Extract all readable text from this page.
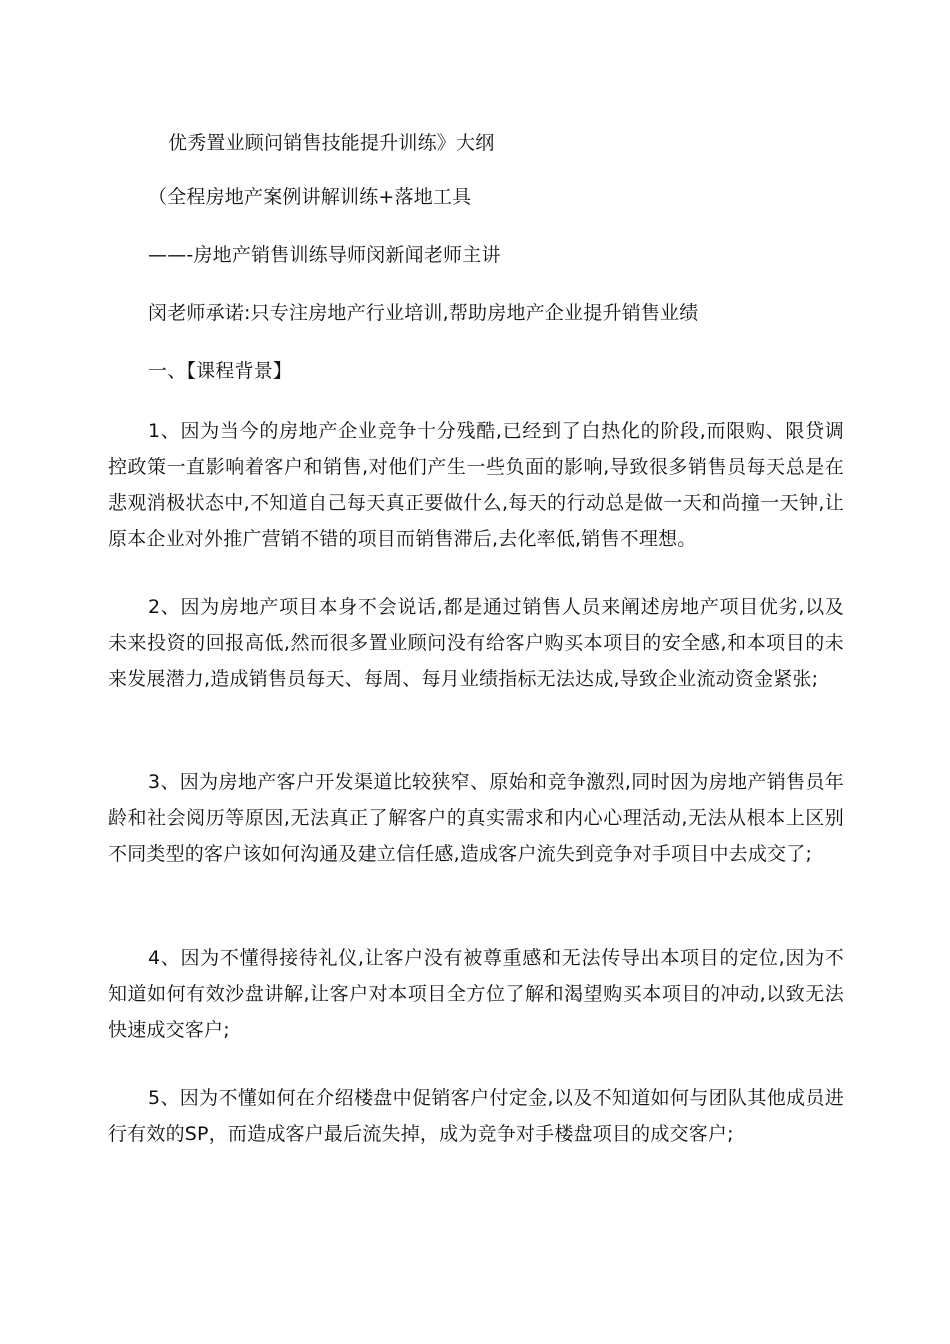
优秀置业顾问销售技能提升训练》大纲
（全程房地产案例讲解训练+落地工具
——-房地产销售训练导师闵新闻老师主讲
闵老师承诺:只专注房地产行业培训,帮助房地产企业提升销售业绩
一、【课程背景】
1、因为当今的房地产企业竞争十分残酷,已经到了白热化的阶段,而限购、限贷调控政策一直影响着客户和销售,对他们产生一些负面的影响,导致很多销售员每天总是在悲观消极状态中,不知道自己每天真正要做什么,每天的行动总是做一天和尚撞一天钟,让原本企业对外推广营销不错的项目而销售滞后,去化率低,销售不理想。
2、因为房地产项目本身不会说话,都是通过销售人员来阐述房地产项目优劣,以及未来投资的回报高低,然而很多置业顾问没有给客户购买本项目的安全感,和本项目的未来发展潜力,造成销售员每天、每周、每月业绩指标无法达成,导致企业流动资金紧张;
3、因为房地产客户开发渠道比较狭窄、原始和竞争激烈,同时因为房地产销售员年龄和社会阅历等原因,无法真正了解客户的真实需求和内心心理活动,无法从根本上区别不同类型的客户该如何沟通及建立信任感,造成客户流失到竞争对手项目中去成交了;
4、因为不懂得接待礼仪,让客户没有被尊重感和无法传导出本项目的定位,因为不知道如何有效沙盘讲解,让客户对本项目全方位了解和渴望购买本项目的冲动,以致无法快速成交客户;
5、因为不懂如何在介绍楼盘中促销客户付定金,以及不知道如何与团队其他成员进行有效的SP，而造成客户最后流失掉，成为竞争对手楼盘项目的成交客户;
